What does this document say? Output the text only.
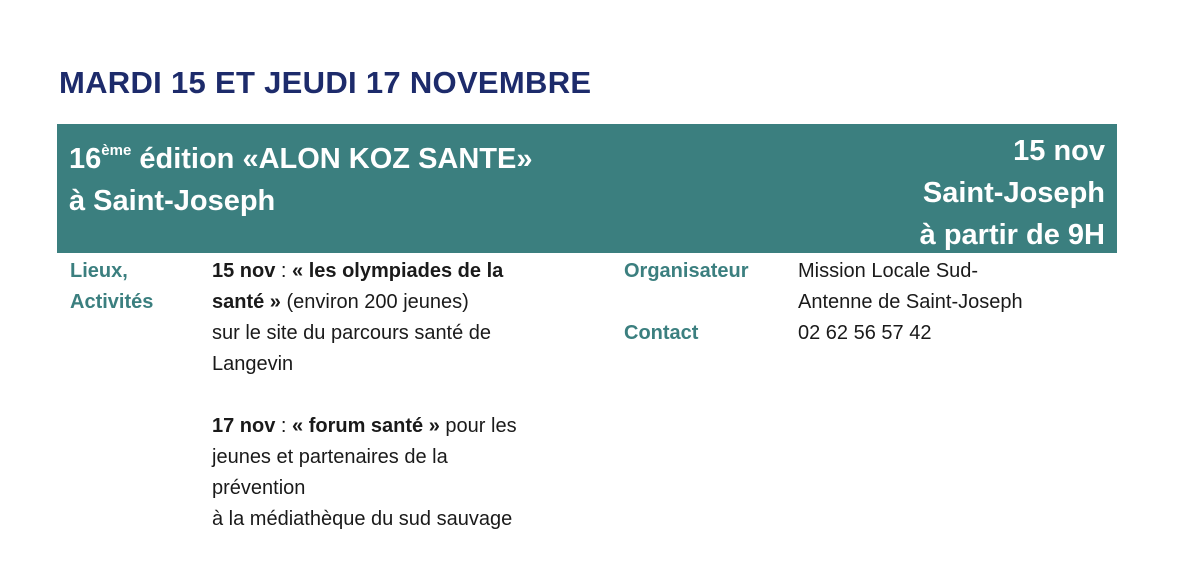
MARDI 15 ET JEUDI 17 NOVEMBRE
16ème édition «ALON KOZ SANTE»
à Saint-Joseph
15 nov
Saint-Joseph
à partir de 9H
Lieux,
Activités
15 nov : « les olympiades de la
santé » (environ 200 jeunes)
sur le site du parcours santé de
Langevin
17 nov : « forum santé » pour les
jeunes et partenaires de la
prévention
à la médiathèque du sud sauvage
Organisateur Mission Locale Sud-
Antenne de Saint-Joseph
Contact	02 62 56 57 42
